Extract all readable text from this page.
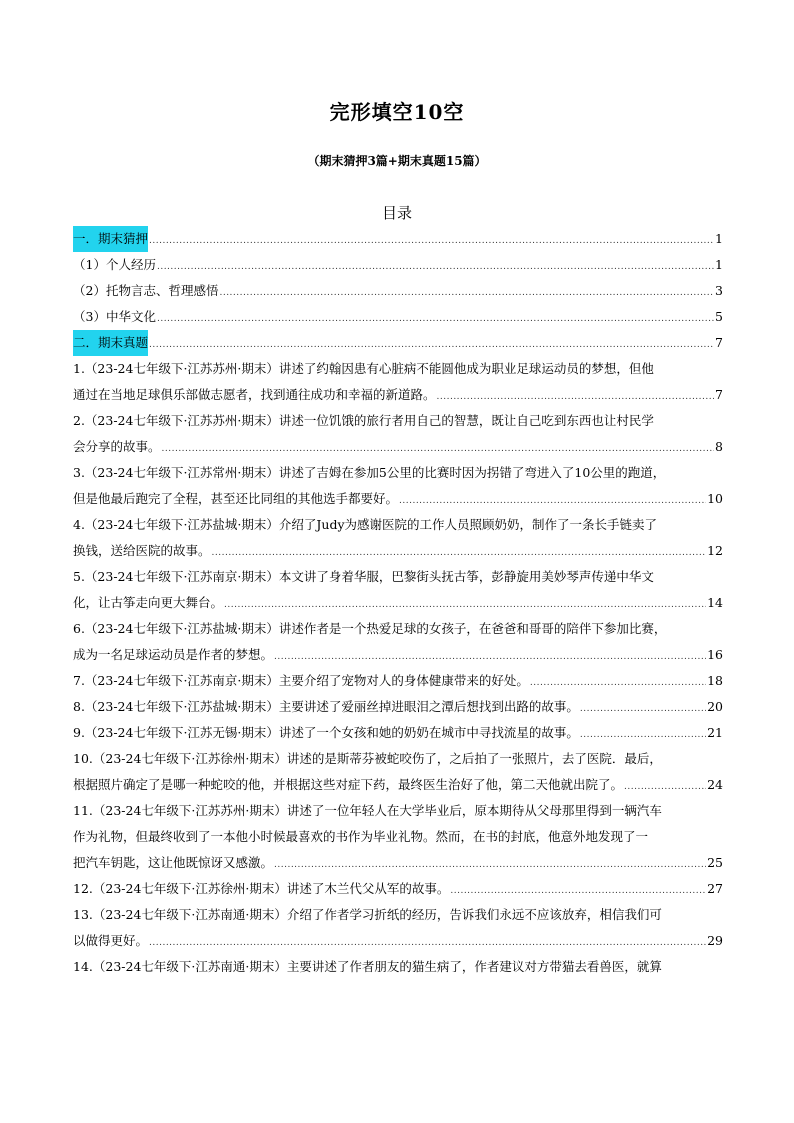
完形填空10空
（期末猜押3篇+期末真题15篇）
目录
一．期末猜押 .....	1
（1）个人经历 .....	1
（2）托物言志、哲理感悟 .....	3
（3）中华文化 .....	5
二．期末真题 .....	7
1.（23-24七年级下·江苏苏州·期末）讲述了约翰因患有心脏病不能圆他成为职业足球运动员的梦想，但他
通过在当地足球俱乐部做志愿者，找到通往成功和幸福的新道路。 .....	7
2.（23-24七年级下·江苏苏州·期末）讲述一位饥饿的旅行者用自己的智慧，既让自己吃到东西也让村民学
会分享的故事。 .....	8
3.（23-24七年级下·江苏常州·期末）讲述了吉姆在参加5公里的比赛时因为拐错了弯进入了10公里的跑道，
但是他最后跑完了全程，甚至还比同组的其他选手都要好。 .....	10
4.（23-24七年级下·江苏盐城·期末）介绍了Judy为感谢医院的工作人员照顾奶奶，制作了一条长手链卖了
换钱，送给医院的故事。 .....	12
5.（23-24七年级下·江苏南京·期末）本文讲了身着华服，巴黎街头抚古筝，彭静旋用美妙琴声传递中华文
化，让古筝走向更大舞台。 .....	14
6.（23-24七年级下·江苏盐城·期末）讲述作者是一个热爱足球的女孩子，在爸爸和哥哥的陪伴下参加比赛，
成为一名足球运动员是作者的梦想。 .....	16
7.（23-24七年级下·江苏南京·期末）主要介绍了宠物对人的身体健康带来的好处。 .....	18
8.（23-24七年级下·江苏盐城·期末）主要讲述了爱丽丝掉进眼泪之潭后想找到出路的故事。 .....	20
9.（23-24七年级下·江苏无锡·期末）讲述了一个女孩和她的奶奶在城市中寻找流星的故事。 .....	21
10.（23-24七年级下·江苏徐州·期末）讲述的是斯蒂芬被蛇咬伤了，之后拍了一张照片，去了医院．最后，
根据照片确定了是哪一种蛇咬的他，并根据这些对症下药，最终医生治好了他，第二天他就出院了。 .....	24
11.（23-24七年级下·江苏苏州·期末）讲述了一位年轻人在大学毕业后，原本期待从父母那里得到一辆汽车
作为礼物，但最终收到了一本他小时候最喜欢的书作为毕业礼物。然而，在书的封底，他意外地发现了一
把汽车钥匙，这让他既惊讶又感激。 .....	25
12.（23-24七年级下·江苏徐州·期末）讲述了木兰代父从军的故事。 .....	27
13.（23-24七年级下·江苏南通·期末）介绍了作者学习折纸的经历，告诉我们永远不应该放弃，相信我们可
以做得更好。 .....	29
14.（23-24七年级下·江苏南通·期末）主要讲述了作者朋友的猫生病了，作者建议对方带猫去看兽医，就算
